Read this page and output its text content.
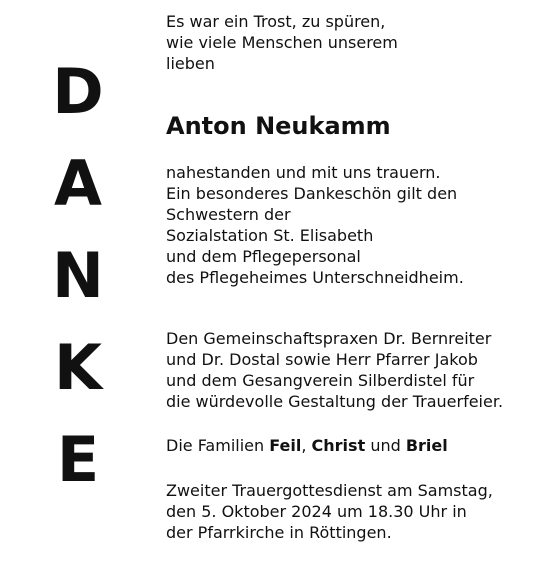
D
A
N
K
E
Es war ein Trost, zu spüren,
wie viele Menschen unserem
lieben
Anton Neukamm
nahestanden und mit uns trauern.
Ein besonderes Dankeschön gilt den
Schwestern der
Sozialstation St. Elisabeth
und dem Pflegepersonal
des Pflegeheimes Unterschneidheim.
Den Gemeinschaftspraxen Dr. Bernreiter
und Dr. Dostal sowie Herr Pfarrer Jakob
und dem Gesangverein Silberdistel für
die würdevolle Gestaltung der Trauerfeier.
Die Familien Feil, Christ und Briel
Zweiter Trauergottesdienst am Samstag,
den 5. Oktober 2024 um 18.30 Uhr in
der Pfarrkirche in Röttingen.
